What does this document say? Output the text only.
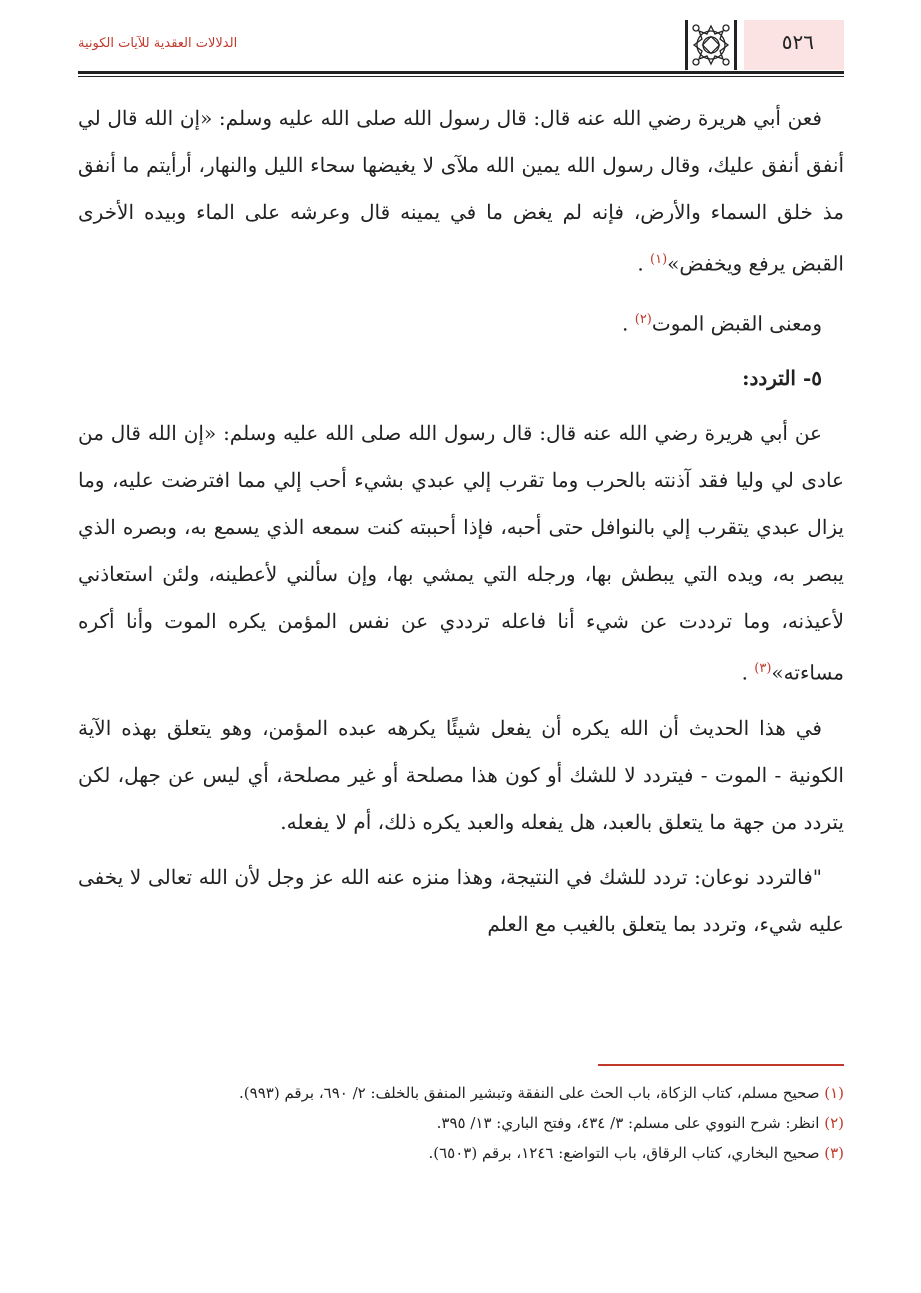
الدلالات العقدية للآيات الكونية	٥٢٦

فعن أبي هريرة رضي الله عنه قال: قال رسول الله صلى الله عليه وسلم: «إن الله قال لي أنفق أنفق عليك، وقال رسول الله يمين الله ملآى لا يغيضها سحاء الليل والنهار، أرأيتم ما أنفق مذ خلق السماء والأرض، فإنه لم يغض ما في يمينه قال وعرشه على الماء وبيده الأخرى القبض يرفع ويخفض»$^{(١)}$ .

ومعنى القبض الموت$^{(٢)}$ .

٥- التردد:

عن أبي هريرة رضي الله عنه قال: قال رسول الله صلى الله عليه وسلم: «إن الله قال من عادى لي وليا فقد آذنته بالحرب وما تقرب إلي عبدي بشيء أحب إلي مما افترضت عليه، وما يزال عبدي يتقرب إلي بالنوافل حتى أحبه، فإذا أحببته كنت سمعه الذي يسمع به، وبصره الذي يبصر به، ويده التي يبطش بها، ورجله التي يمشي بها، وإن سألني لأعطينه، ولئن استعاذني لأعيذنه، وما ترددت عن شيء أنا فاعله ترددي عن نفس المؤمن يكره الموت وأنا أكره مساءته»$^{(٣)}$ .

في هذا الحديث أن الله يكره أن يفعل شيئًا يكرهه عبده المؤمن، وهو يتعلق بهذه الآية الكونية - الموت - فيتردد لا للشك أو كون هذا مصلحة أو غير مصلحة، أي ليس عن جهل، لكن يتردد من جهة ما يتعلق بالعبد، هل يفعله والعبد يكره ذلك، أم لا يفعله.

"فالتردد نوعان: تردد للشك في النتيجة، وهذا منزه عنه الله عز وجل لأن الله تعالى لا يخفى عليه شيء، وتردد بما يتعلق بالغيب مع العلم

(١) صحيح مسلم، كتاب الزكاة، باب الحث على النفقة وتبشير المنفق بالخلف: ٢/ ٦٩٠، برقم (٩٩٣).

(٢) انظر: شرح النووي على مسلم: ٣/ ٤٣٤، وفتح الباري: ١٣/ ٣٩٥.

(٣) صحيح البخاري، كتاب الرقاق، باب التواضع: ١٢٤٦، برقم (٦٥٠٣).
